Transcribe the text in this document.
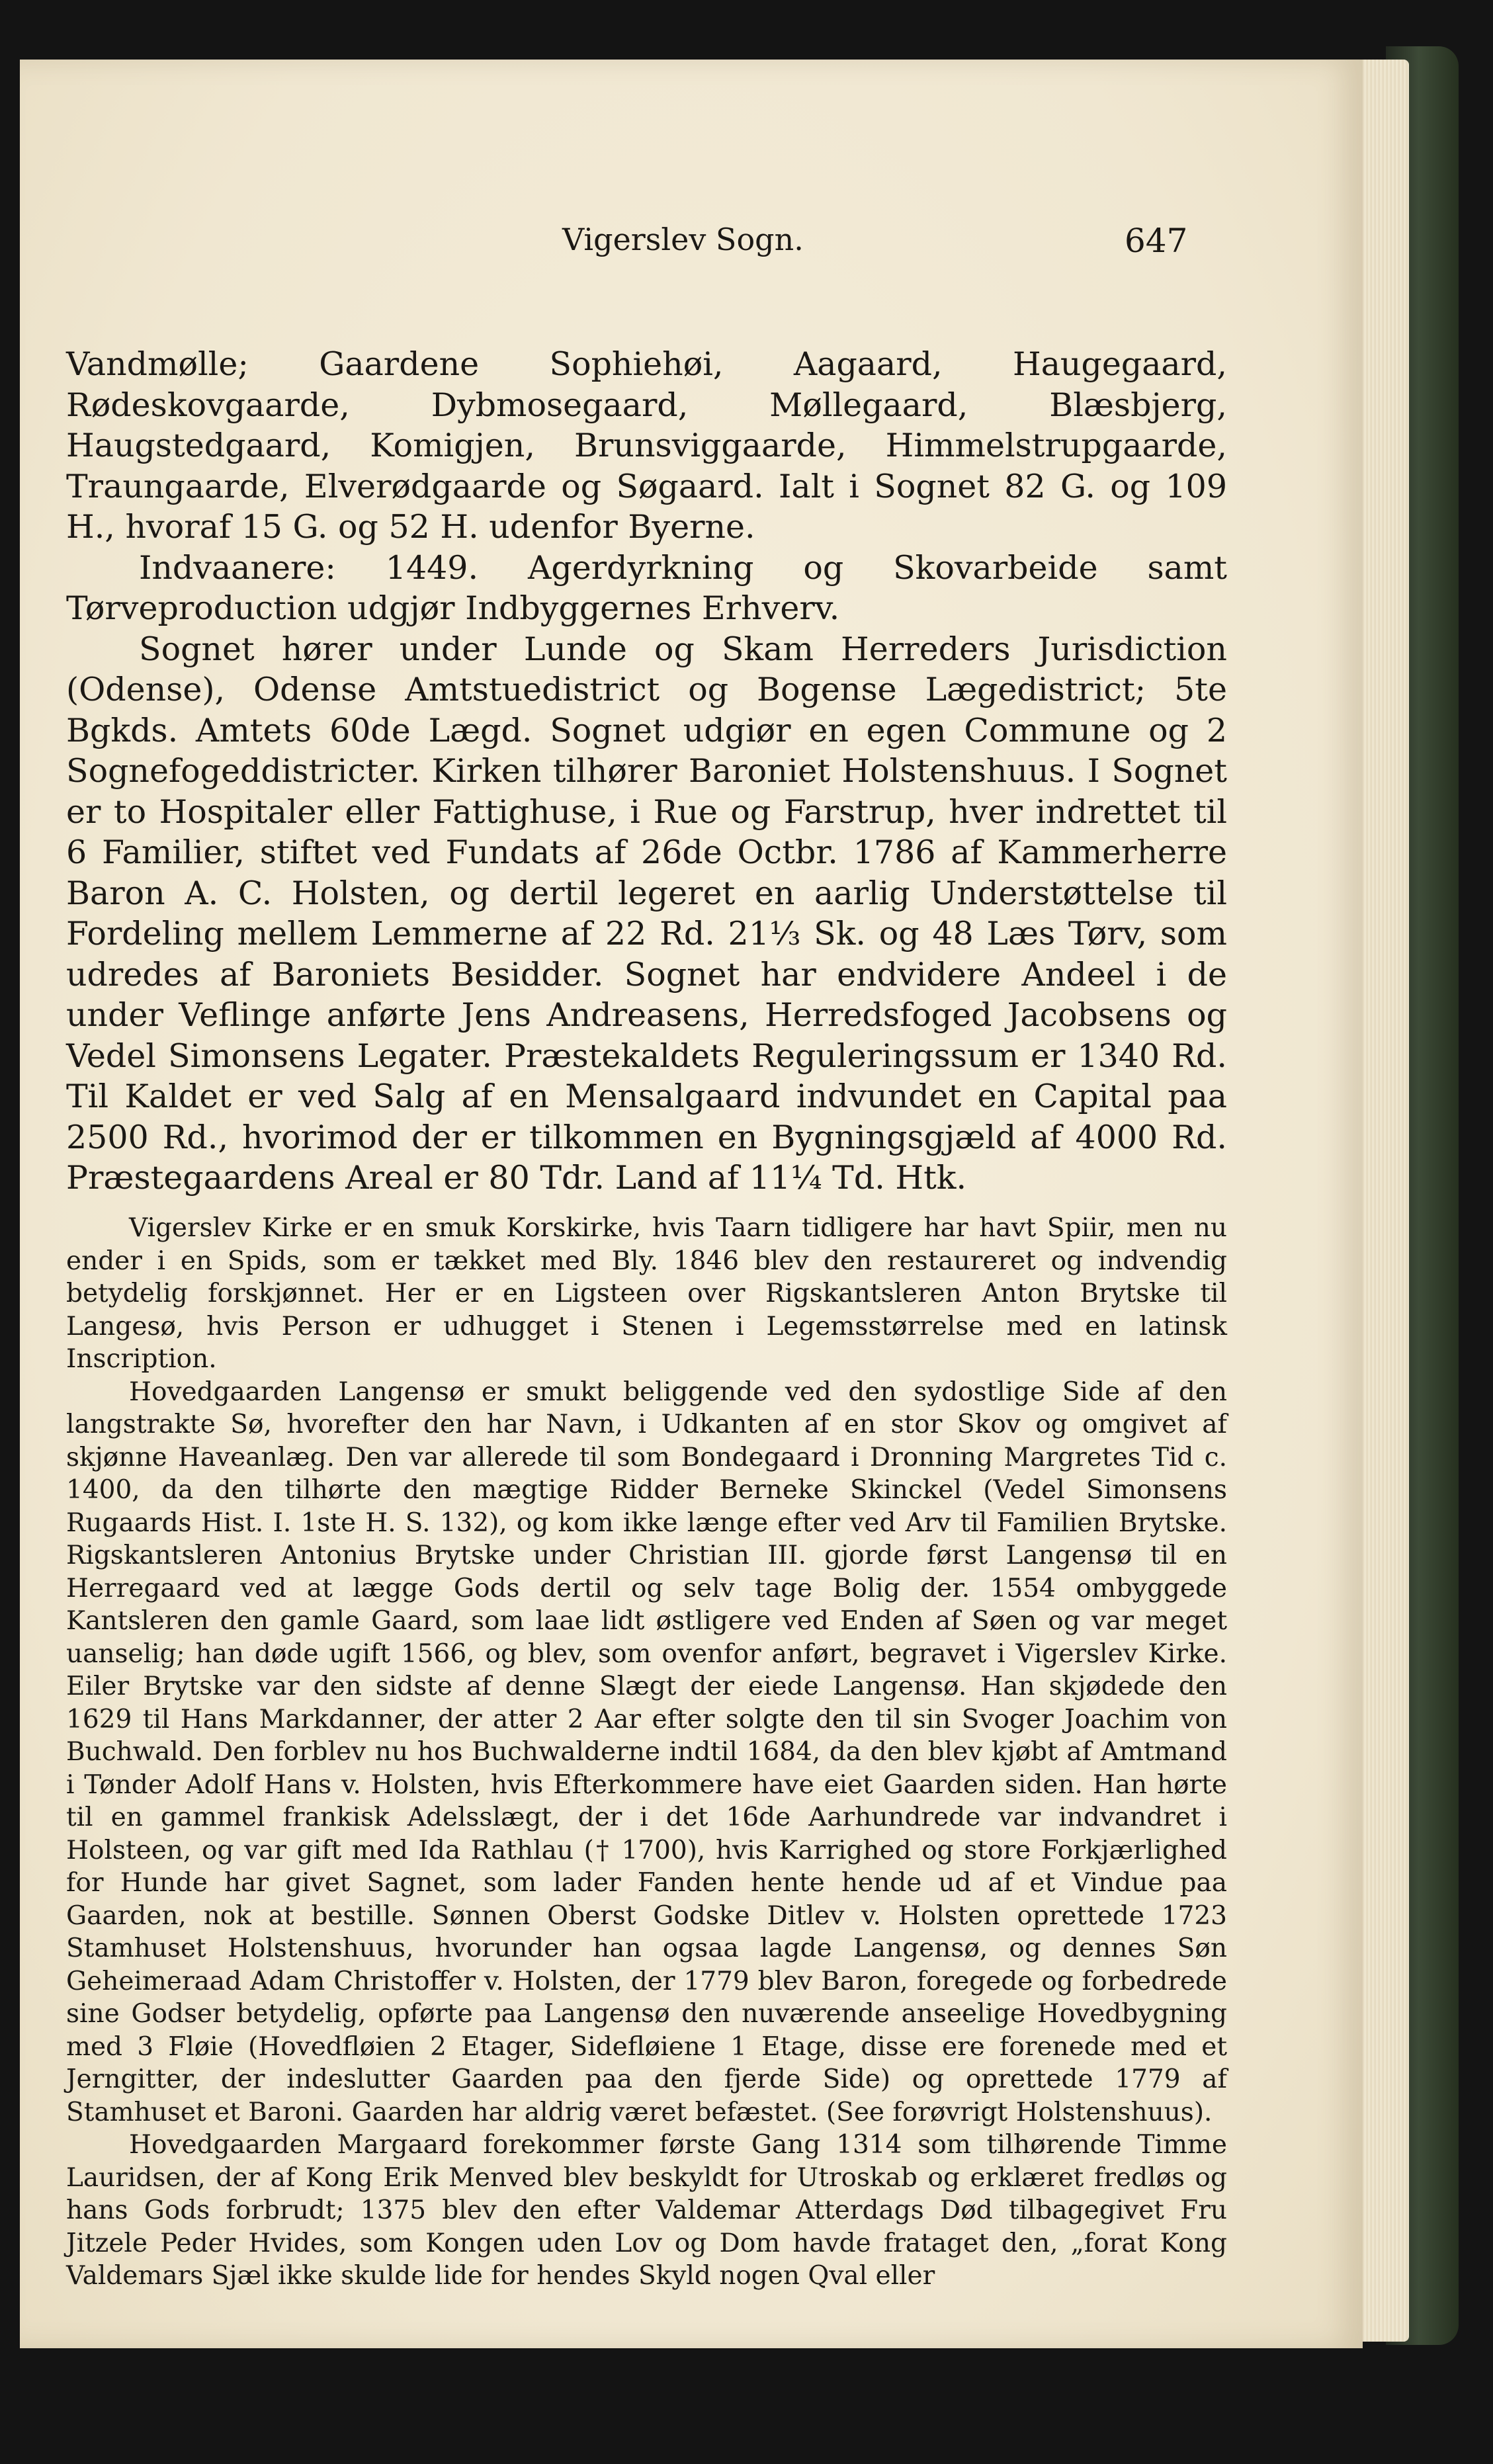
Vigerslev Sogn.	647

Vandmølle; Gaardene Sophiehøi, Aagaard, Haugegaard, Rødeskovgaarde, Dybmosegaard, Møllegaard, Blæsbjerg, Haugstedgaard, Komigjen, Brunsviggaarde, Himmelstrupgaarde, Traungaarde, Elverødgaarde og Søgaard. Ialt i Sognet 82 G. og 109 H., hvoraf 15 G. og 52 H. udenfor Byerne.

Indvaanere: 1449. Agerdyrkning og Skovarbeide samt Tørveproduction udgjør Indbyggernes Erhverv.

Sognet hører under Lunde og Skam Herreders Jurisdiction (Odense), Odense Amtstuedistrict og Bogense Lægedistrict; 5te Bgkds. Amtets 60de Lægd. Sognet udgiør en egen Commune og 2 Sognefogeddistricter. Kirken tilhører Baroniet Holstenshuus. I Sognet er to Hospitaler eller Fattighuse, i Rue og Farstrup, hver indrettet til 6 Familier, stiftet ved Fundats af 26de Octbr. 1786 af Kammerherre Baron A. C. Holsten, og dertil legeret en aarlig Understøttelse til Fordeling mellem Lemmerne af 22 Rd. 21⅓ Sk. og 48 Læs Tørv, som udredes af Baroniets Besidder. Sognet har endvidere Andeel i de under Veflinge anførte Jens Andreasens, Herredsfoged Jacobsens og Vedel Simonsens Legater. Præstekaldets Reguleringssum er 1340 Rd. Til Kaldet er ved Salg af en Mensalgaard indvundet en Capital paa 2500 Rd., hvorimod der er tilkommen en Bygningsgjæld af 4000 Rd. Præstegaardens Areal er 80 Tdr. Land af 11¼ Td. Htk.

Vigerslev Kirke er en smuk Korskirke, hvis Taarn tidligere har havt Spiir, men nu ender i en Spids, som er tækket med Bly. 1846 blev den restaureret og indvendig betydelig forskjønnet. Her er en Ligsteen over Rigskantsleren Anton Brytske til Langesø, hvis Person er udhugget i Stenen i Legemsstørrelse med en latinsk Inscription.

Hovedgaarden Langensø er smukt beliggende ved den sydostlige Side af den langstrakte Sø, hvorefter den har Navn, i Udkanten af en stor Skov og omgivet af skjønne Haveanlæg. Den var allerede til som Bondegaard i Dronning Margretes Tid c. 1400, da den tilhørte den mægtige Ridder Berneke Skinckel (Vedel Simonsens Rugaards Hist. I. 1ste H. S. 132), og kom ikke længe efter ved Arv til Familien Brytske. Rigskantsleren Antonius Brytske under Christian III. gjorde først Langensø til en Herregaard ved at lægge Gods dertil og selv tage Bolig der. 1554 ombyggede Kantsleren den gamle Gaard, som laae lidt østligere ved Enden af Søen og var meget uanselig; han døde ugift 1566, og blev, som ovenfor anført, begravet i Vigerslev Kirke. Eiler Brytske var den sidste af denne Slægt der eiede Langensø. Han skjødede den 1629 til Hans Markdanner, der atter 2 Aar efter solgte den til sin Svoger Joachim von Buchwald. Den forblev nu hos Buchwalderne indtil 1684, da den blev kjøbt af Amtmand i Tønder Adolf Hans v. Holsten, hvis Efterkommere have eiet Gaarden siden. Han hørte til en gammel frankisk Adelsslægt, der i det 16de Aarhundrede var indvandret i Holsteen, og var gift med Ida Rathlau († 1700), hvis Karrighed og store Forkjærlighed for Hunde har givet Sagnet, som lader Fanden hente hende ud af et Vindue paa Gaarden, nok at bestille. Sønnen Oberst Godske Ditlev v. Holsten oprettede 1723 Stamhuset Holstenshuus, hvorunder han ogsaa lagde Langensø, og dennes Søn Geheimeraad Adam Christoffer v. Holsten, der 1779 blev Baron, foregede og forbedrede sine Godser betydelig, opførte paa Langensø den nuværende anseelige Hovedbygning med 3 Fløie (Hovedfløien 2 Etager, Sidefløiene 1 Etage, disse ere forenede med et Jerngitter, der indeslutter Gaarden paa den fjerde Side) og oprettede 1779 af Stamhuset et Baroni. Gaarden har aldrig været befæstet. (See forøvrigt Holstenshuus).

Hovedgaarden Margaard forekommer første Gang 1314 som tilhørende Timme Lauridsen, der af Kong Erik Menved blev beskyldt for Utroskab og erklæret fredløs og hans Gods forbrudt; 1375 blev den efter Valdemar Atterdags Død tilbagegivet Fru Jitzele Peder Hvides, som Kongen uden Lov og Dom havde frataget den, „forat Kong Valdemars Sjæl ikke skulde lide for hendes Skyld nogen Qval eller
